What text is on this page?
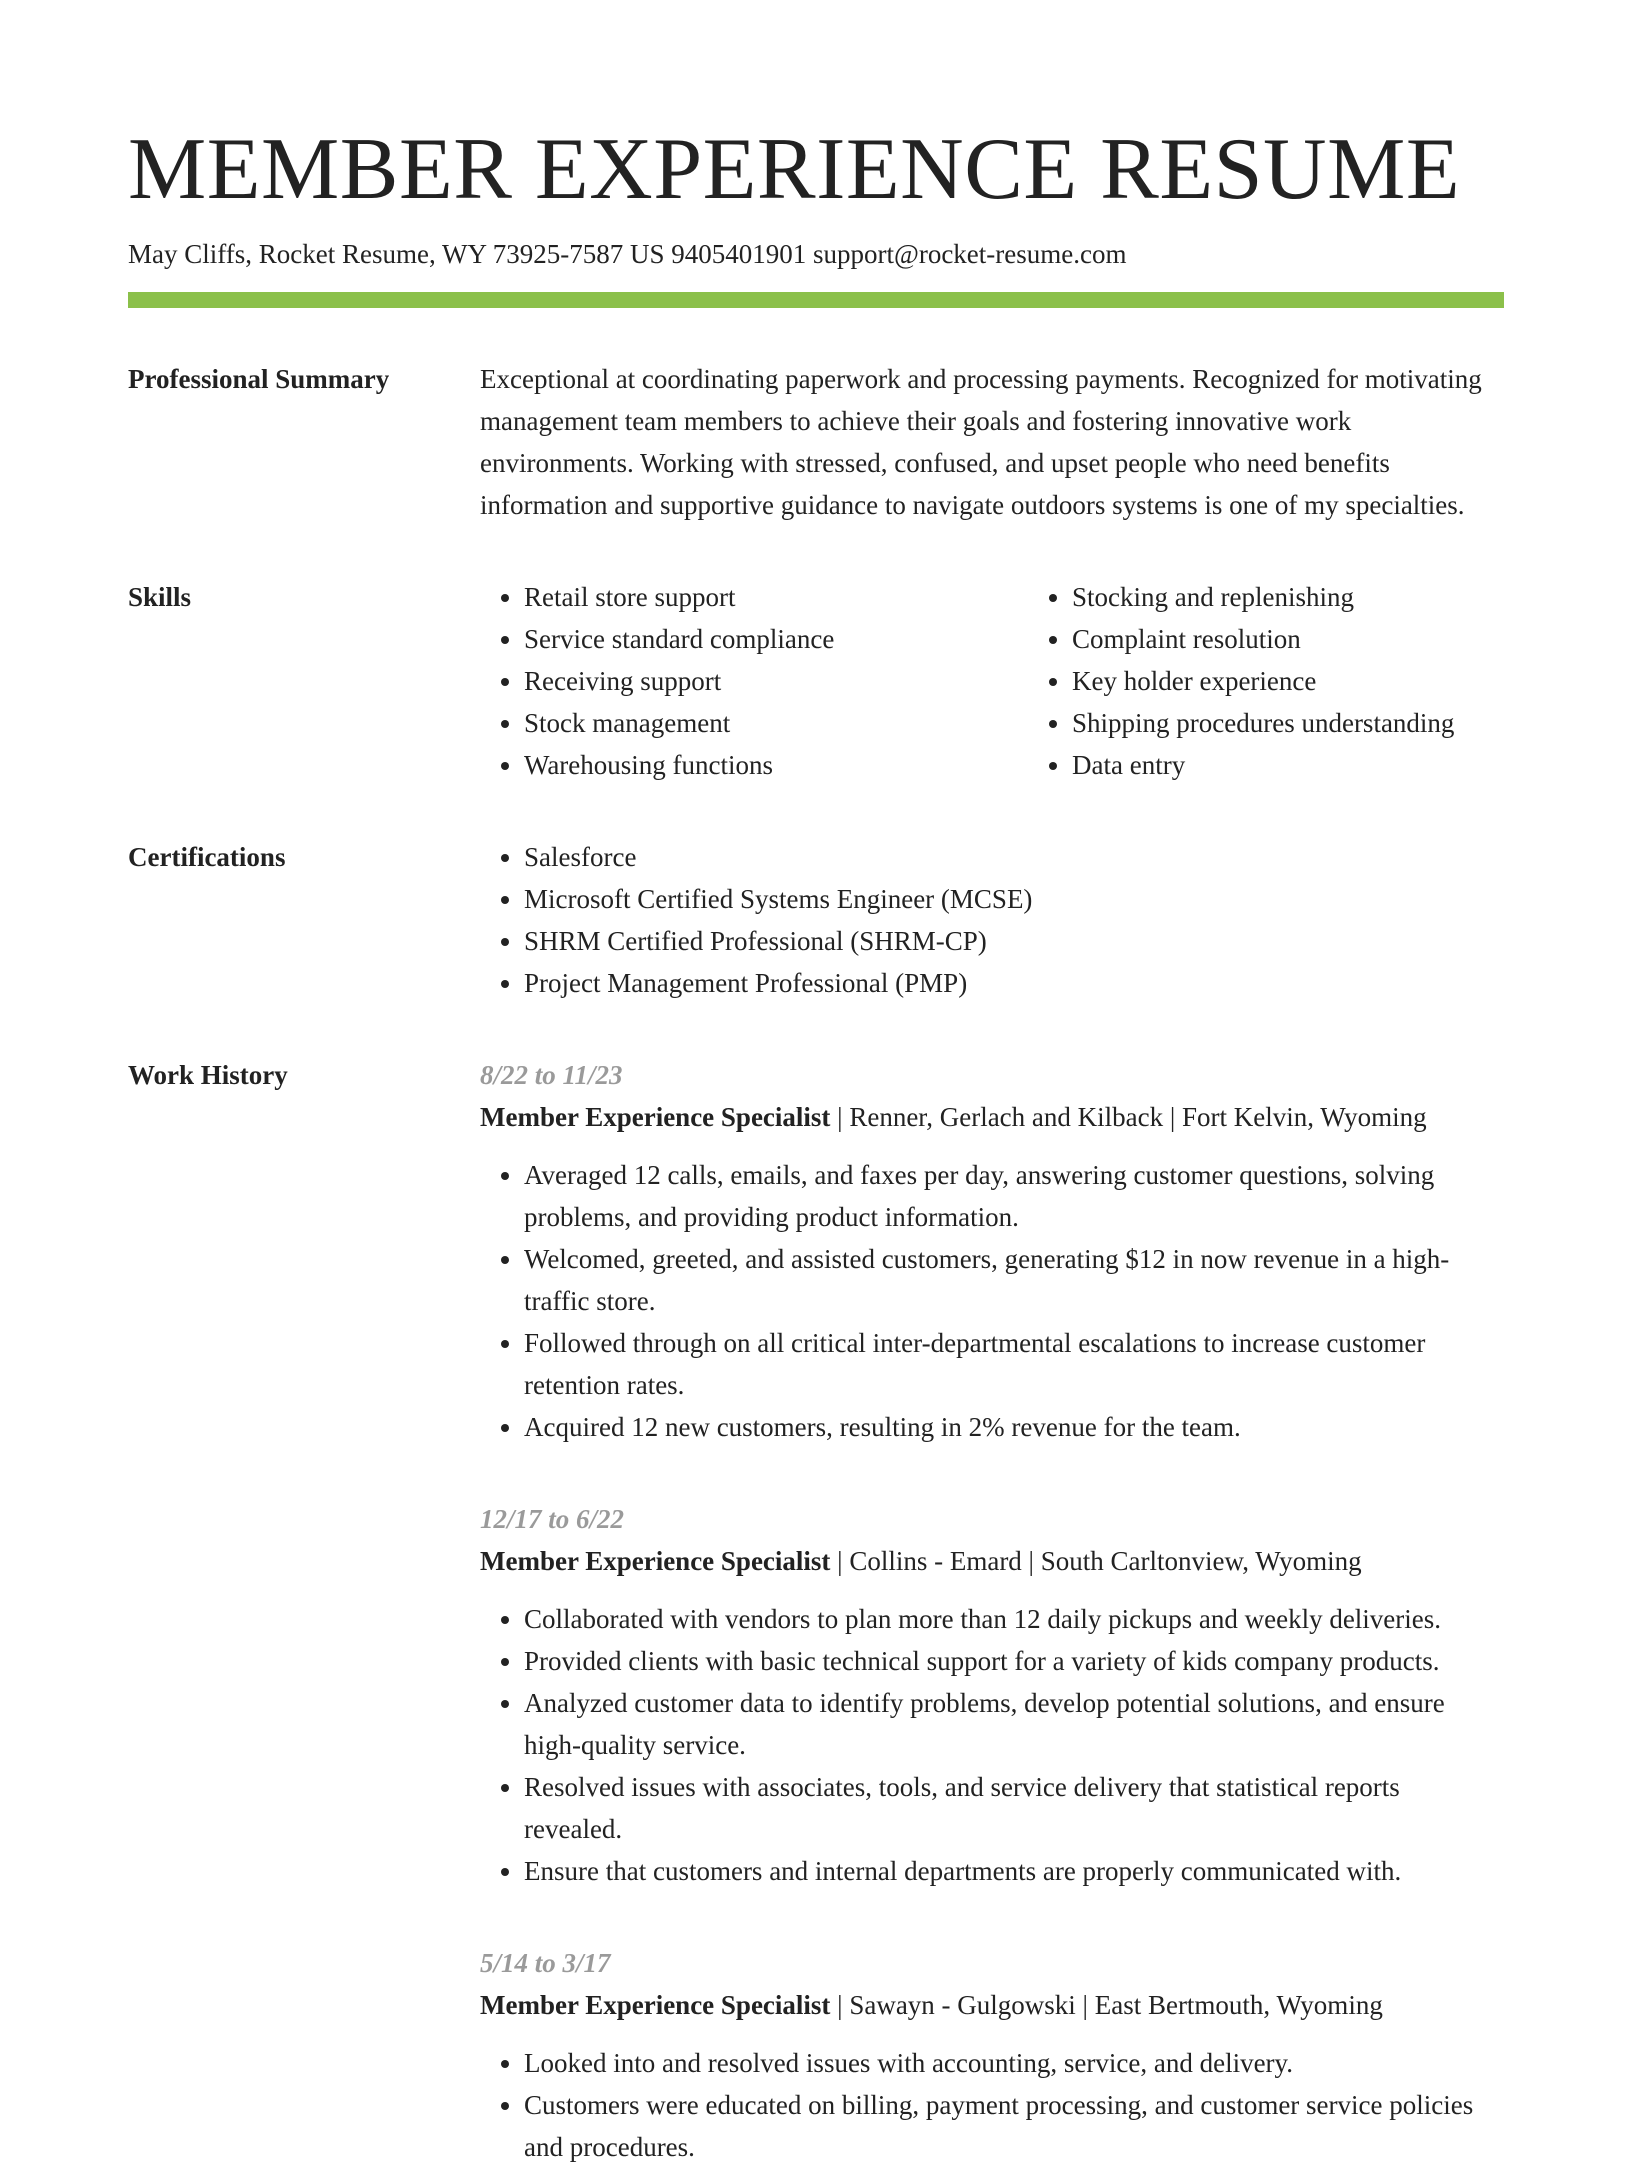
MEMBER EXPERIENCE RESUME
May Cliffs, Rocket Resume, WY 73925-7587 US 9405401901 support@rocket-resume.com
Professional Summary	Exceptional at coordinating paperwork and processing payments. Recognized for motivating management team members to achieve their goals and fostering innovative work environments. Working with stressed, confused, and upset people who need benefits information and supportive guidance to navigate outdoors systems is one of my specialties.

Skills	• Retail store support
• Service standard compliance
• Receiving support
• Stock management
• Warehousing functions
• Stocking and replenishing
• Complaint resolution
• Key holder experience
• Shipping procedures understanding
• Data entry
Certifications	• Salesforce
• Microsoft Certified Systems Engineer (MCSE)
• SHRM Certified Professional (SHRM-CP)
• Project Management Professional (PMP)
Work History	8/22 to 11/23
Member Experience Specialist | Renner, Gerlach and Kilback | Fort Kelvin, Wyoming
• Averaged 12 calls, emails, and faxes per day, answering customer questions, solving problems, and providing product information.
• Welcomed, greeted, and assisted customers, generating $12 in now revenue in a high-traffic store.
• Followed through on all critical inter-departmental escalations to increase customer retention rates.
• Acquired 12 new customers, resulting in 2% revenue for the team.
12/17 to 6/22
Member Experience Specialist | Collins - Emard | South Carltonview, Wyoming
• Collaborated with vendors to plan more than 12 daily pickups and weekly deliveries.
• Provided clients with basic technical support for a variety of kids company products.
• Analyzed customer data to identify problems, develop potential solutions, and ensure high-quality service.
• Resolved issues with associates, tools, and service delivery that statistical reports revealed.
• Ensure that customers and internal departments are properly communicated with.
5/14 to 3/17
Member Experience Specialist | Sawayn - Gulgowski | East Bertmouth, Wyoming
• Looked into and resolved issues with accounting, service, and delivery.
• Customers were educated on billing, payment processing, and customer service policies and procedures.
